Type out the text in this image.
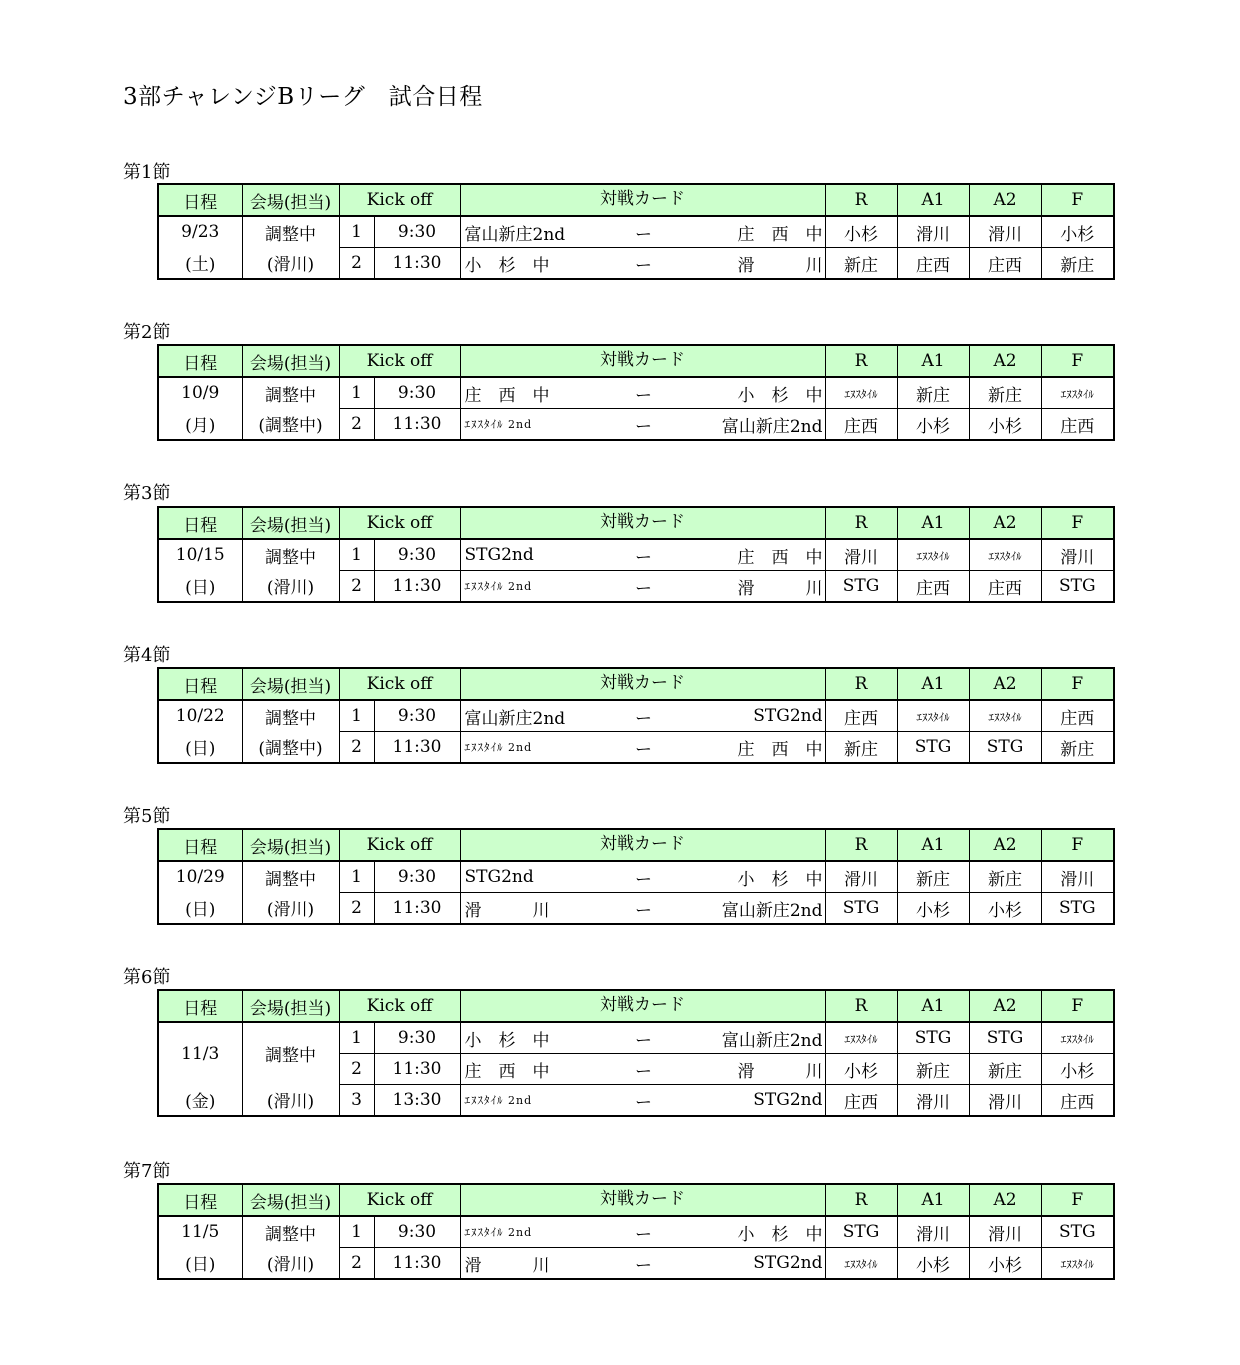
3部チャレンジBリーグ　試合日程
第1節
日程	会場(担当)	Kick off		対戦カード	R	A1	A2	F
9/23	調整中	1	9:30	富山新庄2nd ー 庄　西　中	小杉	滑川	滑川	小杉
(土)	(滑川)	2	11:30	小　杉　中 ー 滑　　　川	新庄	庄西	庄西	新庄
第2節
日程	会場(担当)	Kick off		対戦カード	R	A1	A2	F
10/9	調整中	1	9:30	庄　西　中 ー 小　杉　中	ｴﾇｽﾀｲﾙ	新庄	新庄	ｴﾇｽﾀｲﾙ
(月)	(調整中)	2	11:30	ｴﾇｽﾀｲﾙ 2nd ー 富山新庄2nd	庄西	小杉	小杉	庄西
第3節
日程	会場(担当)	Kick off		対戦カード	R	A1	A2	F
10/15	調整中	1	9:30	STG2nd ー 庄　西　中	滑川	ｴﾇｽﾀｲﾙ	ｴﾇｽﾀｲﾙ	滑川
(日)	(滑川)	2	11:30	ｴﾇｽﾀｲﾙ 2nd ー 滑　　　川	STG	庄西	庄西	STG
第4節
日程	会場(担当)	Kick off		対戦カード	R	A1	A2	F
10/22	調整中	1	9:30	富山新庄2nd ー STG2nd	庄西	ｴﾇｽﾀｲﾙ	ｴﾇｽﾀｲﾙ	庄西
(日)	(調整中)	2	11:30	ｴﾇｽﾀｲﾙ 2nd ー 庄　西　中	新庄	STG	STG	新庄
第5節
日程	会場(担当)	Kick off		対戦カード	R	A1	A2	F
10/29	調整中	1	9:30	STG2nd ー 小　杉　中	滑川	新庄	新庄	滑川
(日)	(滑川)	2	11:30	滑　　　川 ー 富山新庄2nd	STG	小杉	小杉	STG
第6節
日程	会場(担当)	Kick off		対戦カード	R	A1	A2	F
11/3	調整中	1	9:30	小　杉　中 ー 富山新庄2nd	ｴﾇｽﾀｲﾙ	STG	STG	ｴﾇｽﾀｲﾙ
		2	11:30	庄　西　中 ー 滑　　　川	小杉	新庄	新庄	小杉
(金)	(滑川)	3	13:30	ｴﾇｽﾀｲﾙ 2nd ー STG2nd	庄西	滑川	滑川	庄西
第7節
日程	会場(担当)	Kick off		対戦カード	R	A1	A2	F
11/5	調整中	1	9:30	ｴﾇｽﾀｲﾙ 2nd ー 小　杉　中	STG	滑川	滑川	STG
(日)	(滑川)	2	11:30	滑　　　川 ー STG2nd	ｴﾇｽﾀｲﾙ	小杉	小杉	ｴﾇｽﾀｲﾙ
